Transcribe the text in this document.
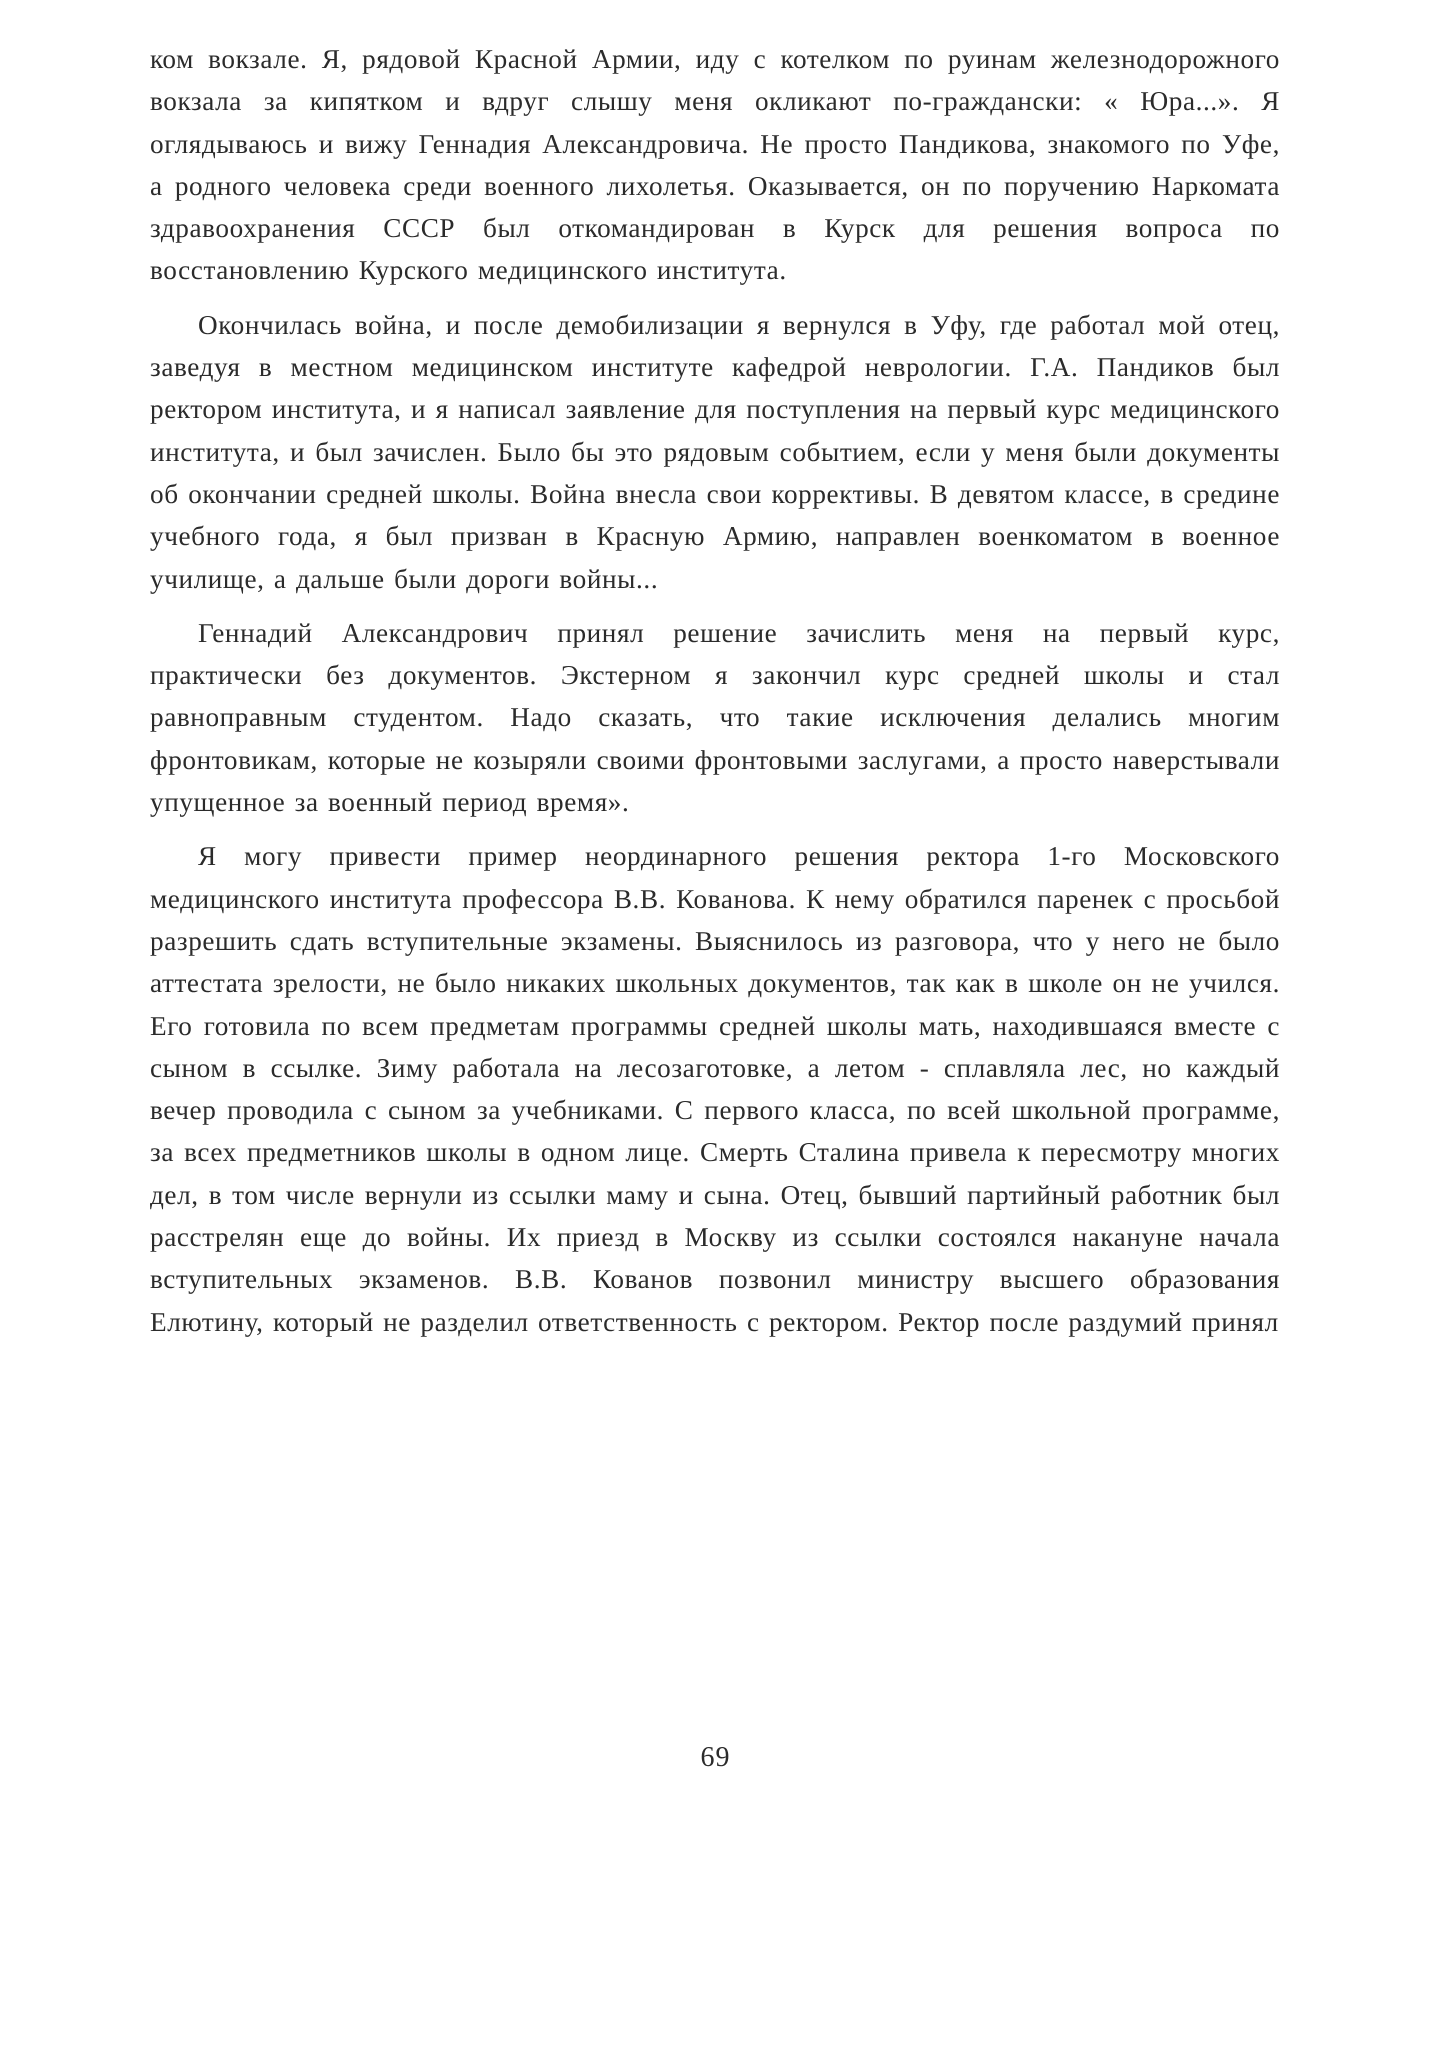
ком вокзале. Я, рядовой Красной Армии, иду с котелком по руинам железнодорожного вокзала за кипятком и вдруг слышу меня окликают по-граждански: « Юра...». Я оглядываюсь и вижу Геннадия Александровича. Не просто Пандикова, знакомого по Уфе, а родного человека среди военного лихолетья. Оказывается, он по поручению Наркомата здравоохранения СССР был откомандирован в Курск для решения вопроса по восстановлению Курского медицинского института.

Окончилась война, и после демобилизации я вернулся в Уфу, где работал мой отец, заведуя в местном медицинском институте кафедрой неврологии. Г.А. Пандиков был ректором института, и я написал заявление для поступления на первый курс медицинского института, и был зачислен. Было бы это рядовым событием, если у меня были документы об окончании средней школы. Война внесла свои коррективы. В девятом классе, в средине учебного года, я был призван в Красную Армию, направлен военкоматом в военное училище, а дальше были дороги войны...

Геннадий Александрович принял решение зачислить меня на первый курс, практически без документов. Экстерном я закончил курс средней школы и стал равноправным студентом. Надо сказать, что такие исключения делались многим фронтовикам, которые не козыряли своими фронтовыми заслугами, а просто наверстывали упущенное за военный период время».

Я могу привести пример неординарного решения ректора 1-го Московского медицинского института профессора В.В. Кованова. К нему обратился паренек с просьбой разрешить сдать вступительные экзамены. Выяснилось из разговора, что у него не было аттестата зрелости, не было никаких школьных документов, так как в школе он не учился. Его готовила по всем предметам программы средней школы мать, находившаяся вместе с сыном в ссылке. Зиму работала на лесозаготовке, а летом - сплавляла лес, но каждый вечер проводила с сыном за учебниками. С первого класса, по всей школьной программе, за всех предметников школы в одном лице. Смерть Сталина привела к пересмотру многих дел, в том числе вернули из ссылки маму и сына. Отец, бывший партийный работник был расстрелян еще до войны. Их приезд в Москву из ссылки состоялся накануне начала вступительных экзаменов. В.В. Кованов позвонил министру высшего образования Елютину, который не разделил ответственность с ректором. Ректор после раздумий принял

69
